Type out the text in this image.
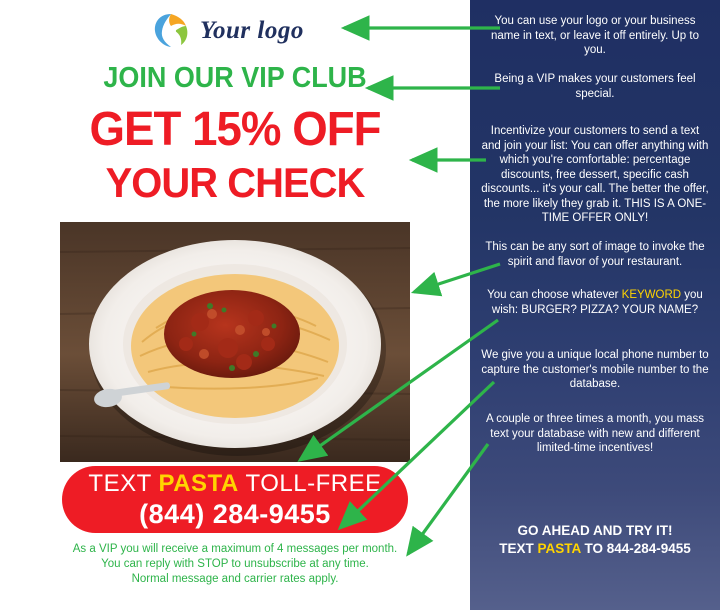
Your logo
JOIN OUR VIP CLUB
GET 15% OFF
YOUR CHECK
TEXT PASTA TOLL-FREE
(844) 284-9455
As a VIP you will receive a maximum of 4 messages per month.
You can reply with STOP to unsubscribe at any time.
Normal message and carrier rates apply.
You can use your logo or your business name in text, or leave it off entirely. Up to you.
Being a VIP makes your customers feel special.
Incentivize your customers to send a text and join your list: You can offer anything with which you're comfortable: percentage discounts, free dessert, specific cash discounts... it's your call. The better the offer, the more likely they grab it. THIS IS A ONE-TIME OFFER ONLY!
This can be any sort of image to invoke the spirit and flavor of your restaurant.
You can choose whatever KEYWORD you wish: BURGER? PIZZA? YOUR NAME?
We give you a unique local phone number to capture the customer's mobile number to the database.
A couple or three times a month, you mass text your database with new and different limited-time incentives!
GO AHEAD AND TRY IT!
TEXT PASTA TO 844-284-9455
